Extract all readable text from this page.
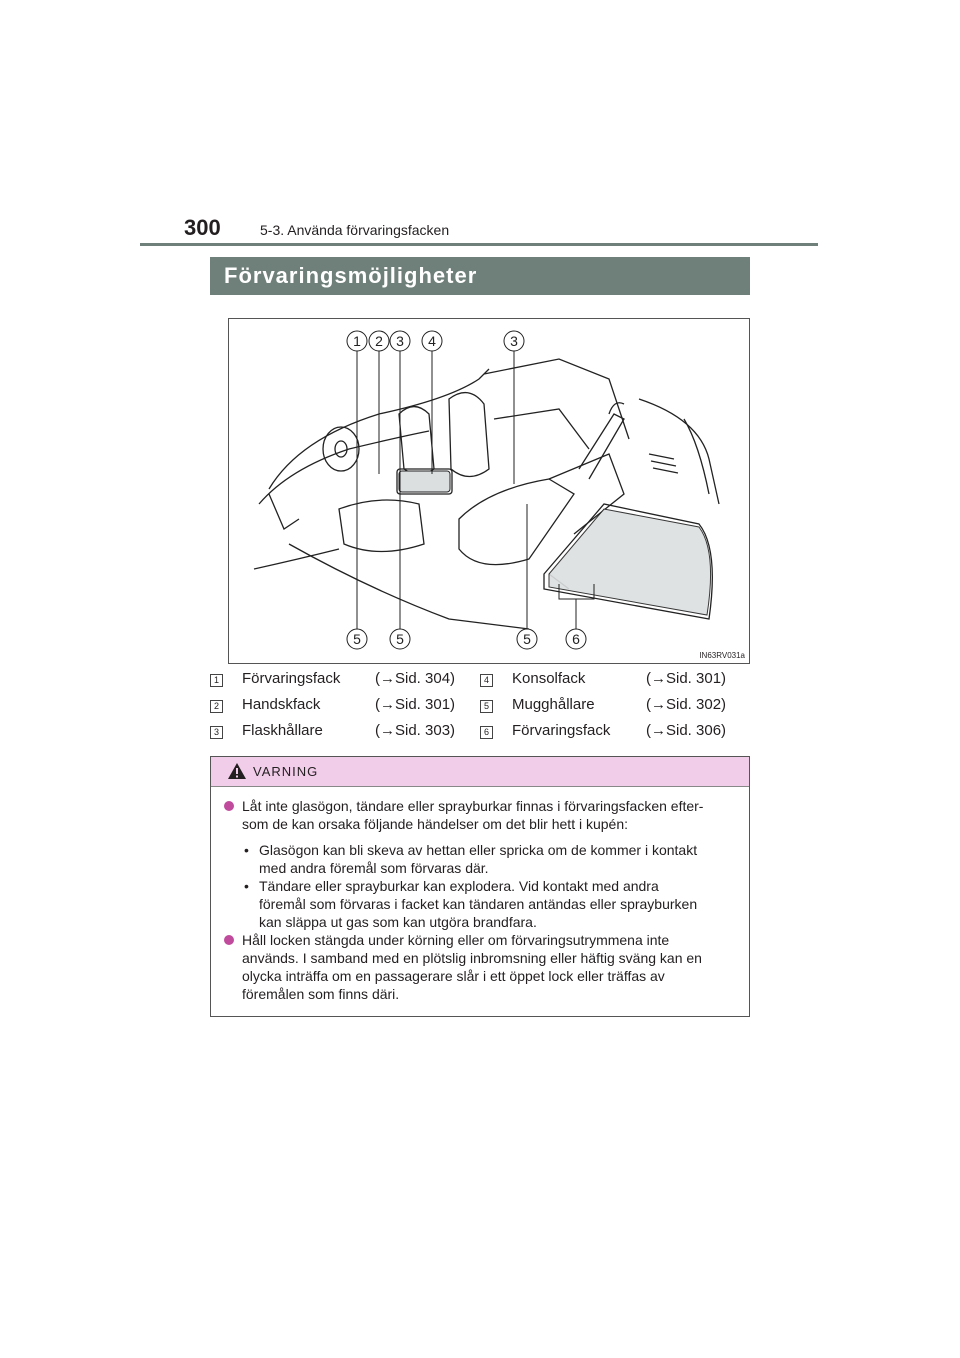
300	5-3. Använda förvaringsfacken
Förvaringsmöjligheter
1 2 3 4	3
5	5	5	6
IN63RV031a
1 Förvaringsfack (→Sid. 304)
2 Handskfack	(→Sid. 301)
3 Flaskhållare	(→Sid. 303)
4 Konsolfack	(→Sid. 301)
5 Mugghållare	(→Sid. 302)
6 Förvaringsfack (→Sid. 306)
VARNING
Låt inte glasögon, tändare eller sprayburkar finnas i förvaringsfacken efter-
som de kan orsaka följande händelser om det blir hett i kupén:
• Glasögon kan bli skeva av hettan eller spricka om de kommer i kontakt
med andra föremål som förvaras där.
• Tändare eller sprayburkar kan explodera. Vid kontakt med andra
föremål som förvaras i facket kan tändaren antändas eller sprayburken
kan släppa ut gas som kan utgöra brandfara.
Håll locken stängda under körning eller om förvaringsutrymmena inte
används. I samband med en plötslig inbromsning eller häftig sväng kan en
olycka inträffa om en passagerare slår i ett öppet lock eller träffas av
föremålen som finns däri.
